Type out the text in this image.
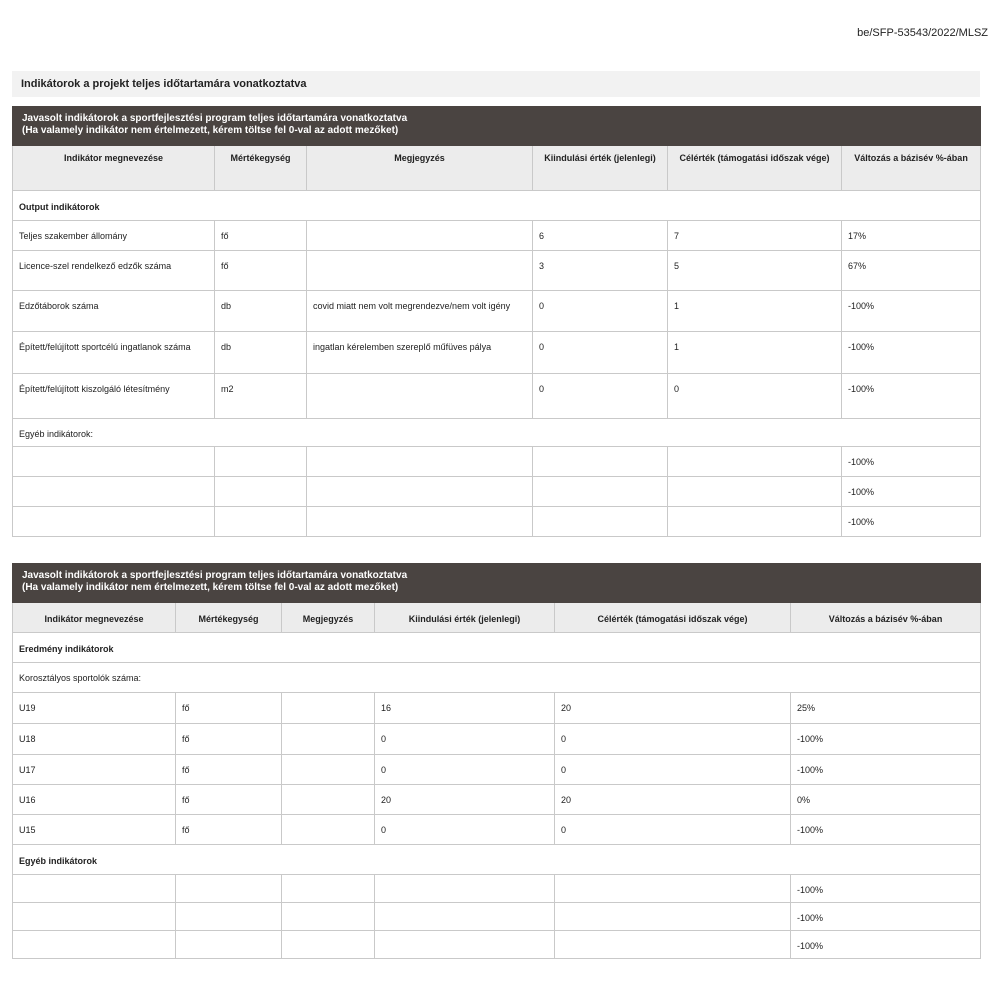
be/SFP-53543/2022/MLSZ
Indikátorok a projekt teljes időtartamára vonatkoztatva
Javasolt indikátorok a sportfejlesztési program teljes időtartamára vonatkoztatva
(Ha valamely indikátor nem értelmezett, kérem töltse fel 0-val az adott mezőket)					

Indikátor megnevezése	Mértékegység	Megjegyzés	Kiindulási érték (jelenlegi)	Célérték (támogatási időszak vége)	Változás a bázisév %-ában
Output indikátorok					
Teljes szakember állomány	fő		6	7	17%
Licence-szel rendelkező edzők száma	fő		3	5	67%
Edzőtáborok száma	db	covid miatt nem volt megrendezve/nem volt igény	0	1	-100%
Épített/felújított sportcélú ingatlanok száma	db	ingatlan kérelemben szereplő műfüves pálya	0	1	-100%
Épített/felújított kiszolgáló létesítmény	m2		0	0	-100%
Egyéb indikátorok:					
					-100%
					-100%
					-100%
Javasolt indikátorok a sportfejlesztési program teljes időtartamára vonatkoztatva
(Ha valamely indikátor nem értelmezett, kérem töltse fel 0-val az adott mezőket)					

Indikátor megnevezése	Mértékegység	Megjegyzés	Kiindulási érték (jelenlegi)	Célérték (támogatási időszak vége)	Változás a bázisév %-ában
Eredmény indikátorok					
Korosztályos sportolók száma:					
U19	fő		16	20	25%
U18	fő		0	0	-100%
U17	fő		0	0	-100%
U16	fő		20	20	0%
U15	fő		0	0	-100%
Egyéb indikátorok					
					-100%
					-100%
					-100%
